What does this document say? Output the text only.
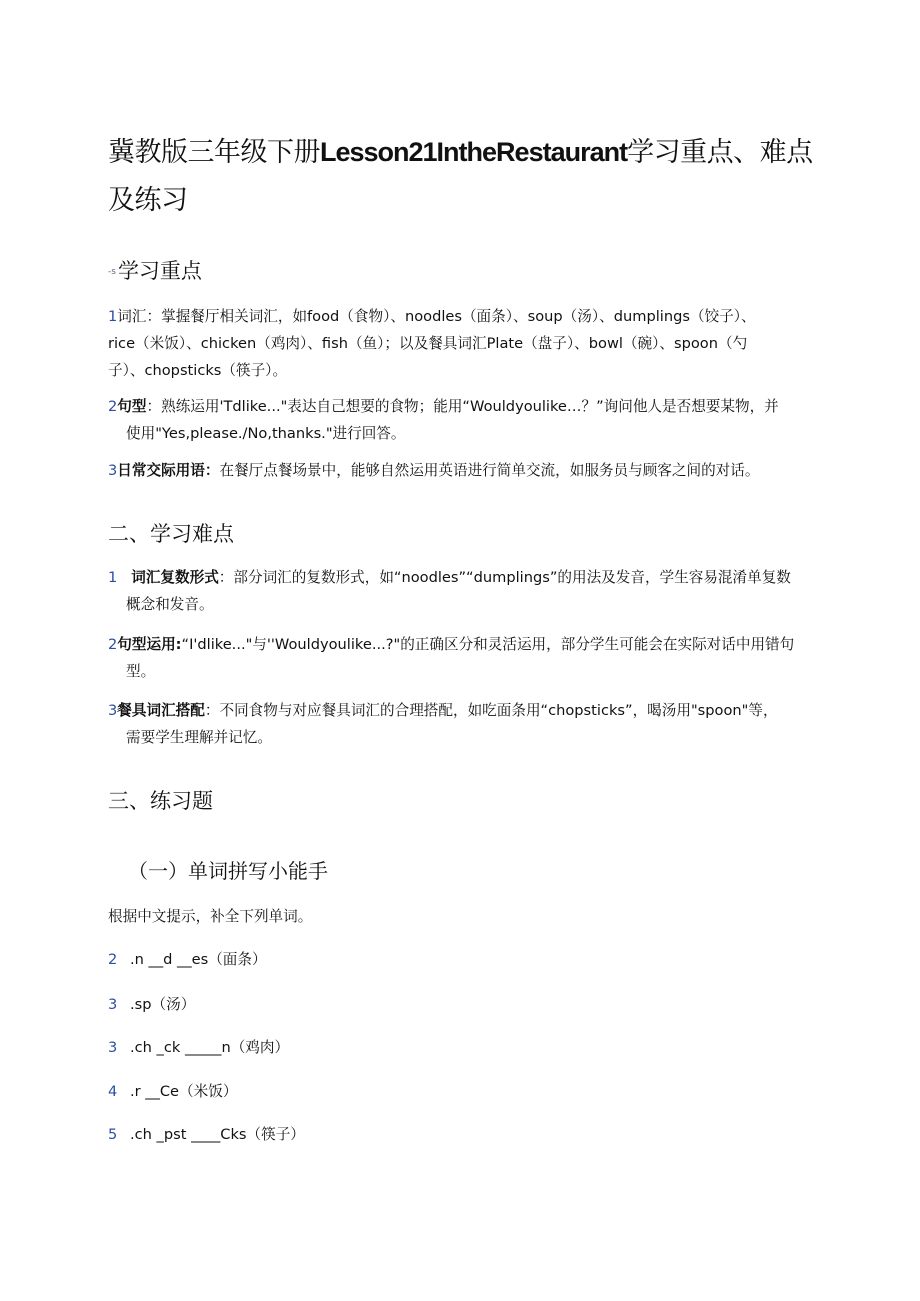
冀教版三年级下册Lesson21IntheRestaurant学习重点、难点及练习
-s学习重点
1词汇：掌握餐厅相关词汇，如food（食物）、noodles（面条）、soup（汤）、dumplings（饺子）、
rice（米饭）、chicken（鸡肉）、fish（鱼）；以及餐具词汇Plate（盘子）、bowl（碗）、spoon（勺
子）、chopsticks（筷子）。
2句型：熟练运用'Tdlike..."表达自己想要的食物；能用“Wouldyoulike…？”询问他人是否想要某物，并

使用"Yes,please./No,thanks."进行回答。
3日常交际用语：在餐厅点餐场景中，能够自然运用英语进行简单交流，如服务员与顾客之间的对话。
二、学习难点
1 词汇复数形式：部分词汇的复数形式，如“noodles”“dumplings”的用法及发音，学生容易混淆单复数

概念和发音。
2句型运用:“I'dlike..."与''Wouldyoulike...?"的正确区分和灵活运用，部分学生可能会在实际对话中用错句

型。
3餐具词汇搭配：不同食物与对应餐具词汇的合理搭配，如吃面条用“chopsticks”，喝汤用"spoon"等，

需要学生理解并记忆。
三、练习题
（一）单词拼写小能手

根据中文提示，补全下列单词。

2 .n __d __es（面条）

3 .sp（汤）

3 .ch _ck _____n（鸡肉）

4 .r __Ce（米饭）

5 .ch _pst ____Cks（筷子）
